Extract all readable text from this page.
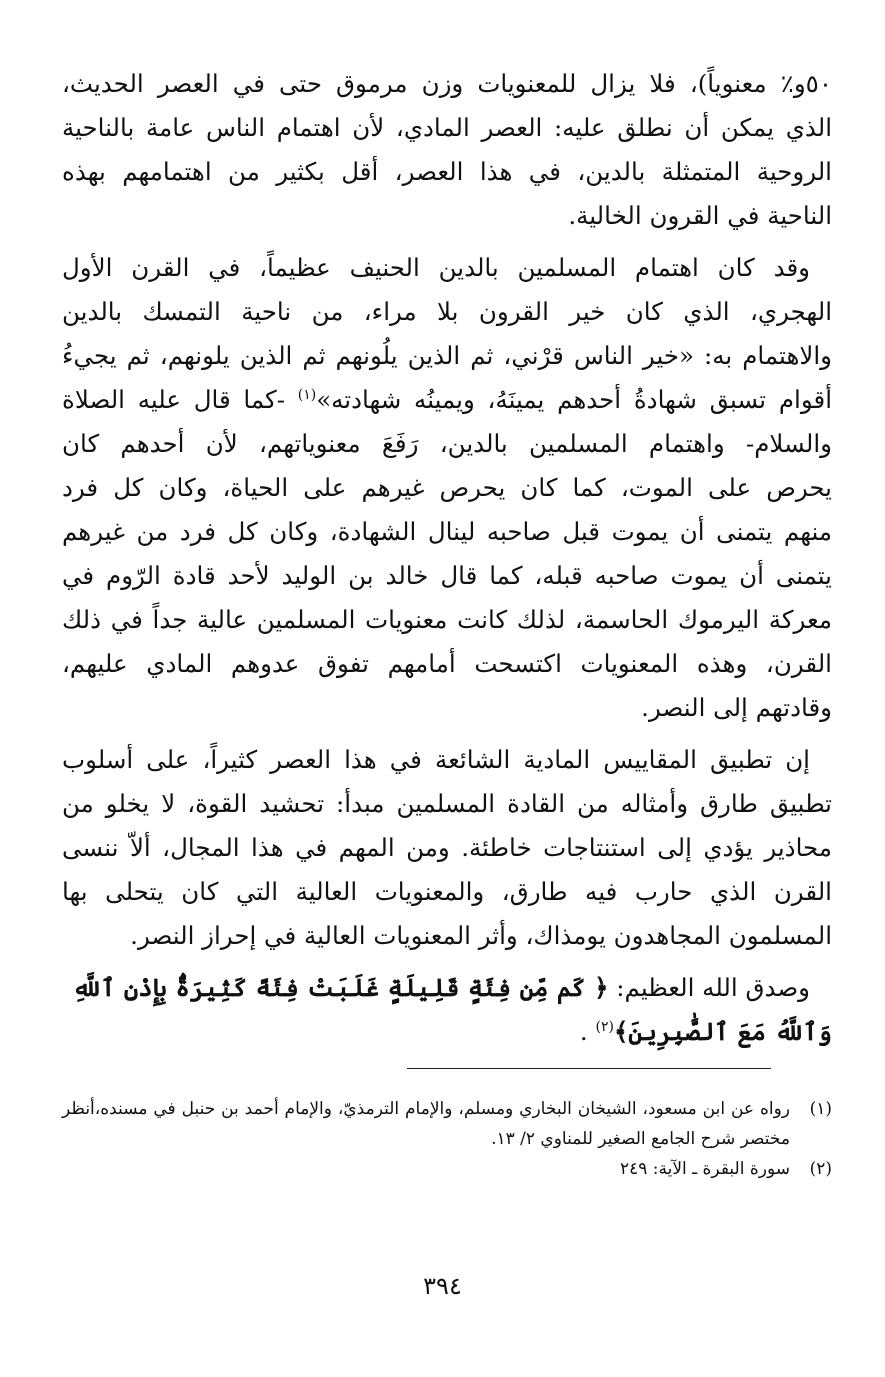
٥٠و٪ معنوياً)، فلا يزال للمعنويات وزن مرموق حتى في العصر الحديث،
الذي يمكن أن نطلق عليه: العصر المادي، لأن اهتمام الناس عامة بالناحية
الروحية المتمثلة بالدين، في هذا العصر، أقل بكثير من اهتمامهم بهذه
الناحية في القرون الخالية.

وقد كان اهتمام المسلمين بالدين الحنيف عظيماً، في القرن الأول
الهجري، الذي كان خير القرون بلا مراء، من ناحية التمسك بالدين
والاهتمام به: «خير الناس قرْني، ثم الذين يلُونهم ثم الذين يلونهم، ثم يجيءُ
أقوام تسبق شهادةُ أحدهم يمينَهُ، ويمينُه شهادته»$^{(١)}$ -كما قال عليه الصلاة
والسلام- واهتمام المسلمين بالدين، رَفَعَ معنوياتهم، لأن أحدهم كان
يحرص على الموت، كما كان يحرص غيرهم على الحياة، وكان كل فرد
منهم يتمنى أن يموت قبل صاحبه لينال الشهادة، وكان كل فرد من غيرهم
يتمنى أن يموت صاحبه قبله، كما قال خالد بن الوليد لأحد قادة الرّوم في
معركة اليرموك الحاسمة، لذلك كانت معنويات المسلمين عالية جداً في ذلك
القرن، وهذه المعنويات اكتسحت أمامهم تفوق عدوهم المادي عليهم،
وقادتهم إلى النصر.

إن تطبيق المقاييس المادية الشائعة في هذا العصر كثيراً، على أسلوب
تطبيق طارق وأمثاله من القادة المسلمين مبدأ: تحشيد القوة، لا يخلو من
محاذير يؤدي إلى استنتاجات خاطئة. ومن المهم في هذا المجال، ألاّ ننسى
القرن الذي حارب فيه طارق، والمعنويات العالية التي كان يتحلى بها
المسلمون المجاهدون يومذاك، وأثر المعنويات العالية في إحراز النصر.

وصدق الله العظيم: ﴿ كَم مِّن فِئَةٍ قَلِيلَةٍ غَلَبَتْ فِئَةً كَثِيرَةًۢ بِإِذْنِ ٱللَّهِ
وَٱللَّهُ مَعَ ٱلصَّٰبِرِينَ﴾$^{(٢)}$ .
(١)
رواه عن ابن مسعود، الشيخان البخاري ومسلم، والإمام الترمذيّ، والإمام أحمد بن حنبل في مسنده،أنظر مختصر شرح الجامع الصغير للمناوي ٢/ ١٣.
(٢)
سورة البقرة ـ الآية: ٢٤٩
٣٩٤
